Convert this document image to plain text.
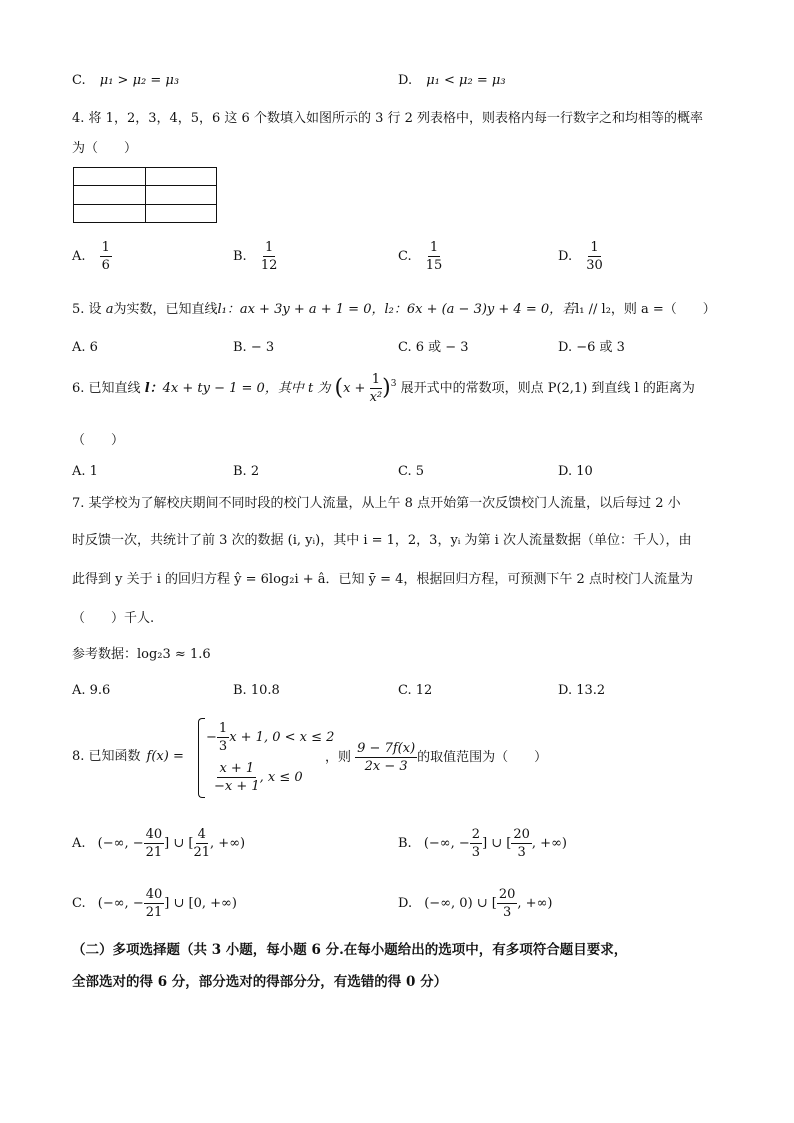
C. μ₁ > μ₂ = μ₃	D. μ₁ < μ₂ = μ₃
4. 将 1，2，3，4，5，6 这 6 个数填入如图所示的 3 行 2 列表格中，则表格内每一行数字之和均相等的概率
为（　　）

A. $\frac{1}{6}$	B. $\frac{1}{12}$	C. $\frac{1}{15}$	D. $\frac{1}{30}$
5. 设 a为实数，已知直线l₁：ax + 3y + a + 1 = 0，l₂：6x + (a − 3)y + 4 = 0，若l₁ // l₂，则 a =（　　）
A. 6	B. − 3	C. 6 或 − 3	D. −6 或 3
6. 已知直线 l：4x + ty − 1 = 0，其中 t 为 $(x + \frac{1}{\text{x²}} )^3$ 展开式中的常数项，则点 P(2,1) 到直线 l 的距离为
（　　）
A. 1	B. 2	C. 5	D. 10
7. 某学校为了解校庆期间不同时段的校门人流量，从上午 8 点开始第一次反馈校门人流量，以后每过 2 小
时反馈一次，共统计了前 3 次的数据 (i, yᵢ)，其中 i = 1，2，3，yᵢ 为第 i 次人流量数据（单位：千人），由
此得到 y 关于 i 的回归方程 ŷ = 6log₂i + â．已知 ȳ = 4，根据回归方程，可预测下午 2 点时校门人流量为
（　　）千人.
参考数据：log₂3 ≈ 1.6
A. 9.6	B. 10.8	C. 12	D. 13.2
8. 已知函数 f(x) =
− $\frac{1}{3}$ x + 1, 0 < x ≤ 2
$\frac{x + 1}{-x + 1}$ , x ≤ 0
，则 $\frac{9 - 7f(x)}{2x - 3}$ 的取值范围为（　　）
A. (−∞, − $\frac{40}{21}$ ] ∪ [ $\frac{4}{21}$ , +∞)	B. (−∞, − $\frac{2}{3}$ ] ∪ [ $\frac{20}{3}$ , +∞)
C. (−∞, − $\frac{40}{21}$ ] ∪ [0, +∞)	D. (−∞, 0) ∪ [ $\frac{20}{3}$ , +∞)
（二）多项选择题（共 3 小题，每小题 6 分.在每小题给出的选项中，有多项符合题目要求，
全部选对的得 6 分，部分选对的得部分分，有选错的得 0 分）
